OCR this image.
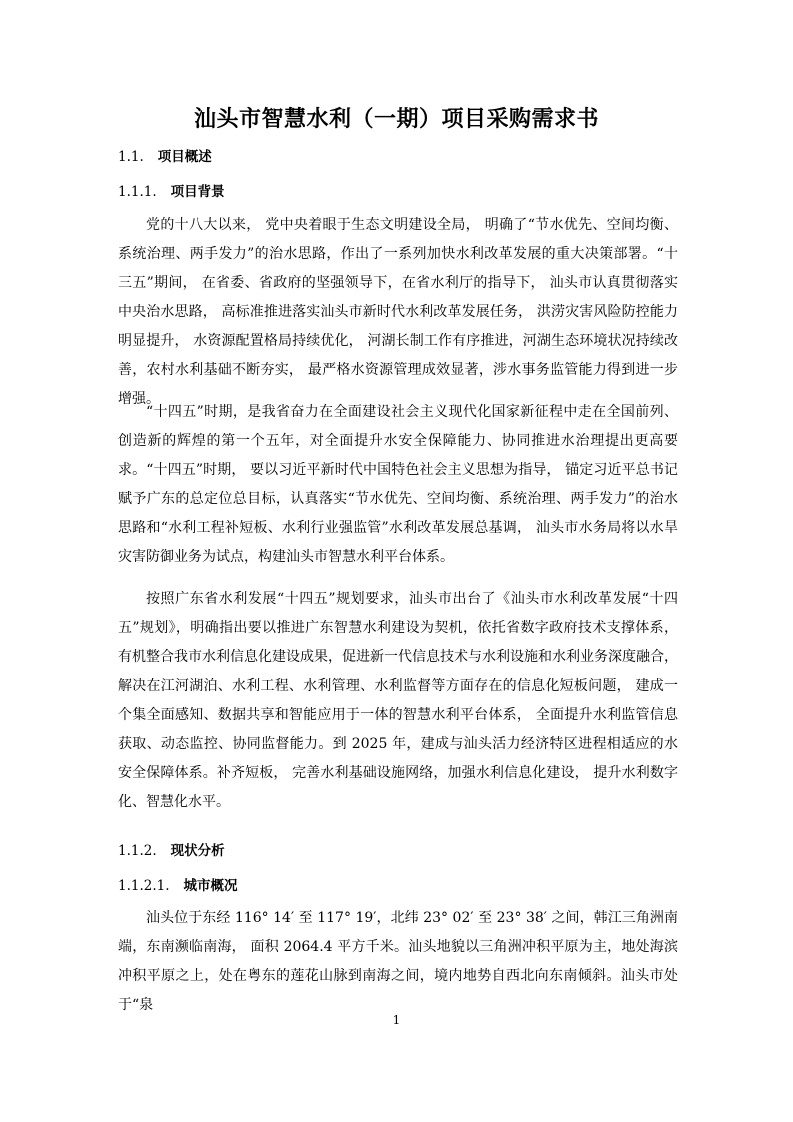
汕头市智慧水利（一期）项目采购需求书
1.1. 项目概述
1.1.1. 项目背景

党的十八大以来， 党中央着眼于生态文明建设全局， 明确了“节水优先、空间均衡、系统治理、两手发力”的治水思路，作出了一系列加快水利改革发展的重大决策部署。“十三五”期间， 在省委、省政府的坚强领导下，在省水利厅的指导下， 汕头市认真贯彻落实中央治水思路， 高标准推进落实汕头市新时代水利改革发展任务， 洪涝灾害风险防控能力明显提升， 水资源配置格局持续优化， 河湖长制工作有序推进，河湖生态环境状况持续改善，农村水利基础不断夯实， 最严格水资源管理成效显著，涉水事务监管能力得到进一步增强。

“十四五”时期，是我省奋力在全面建设社会主义现代化国家新征程中走在全国前列、创造新的辉煌的第一个五年，对全面提升水安全保障能力、协同推进水治理提出更高要求。“十四五”时期， 要以习近平新时代中国特色社会主义思想为指导， 锚定习近平总书记赋予广东的总定位总目标，认真落实“节水优先、空间均衡、系统治理、两手发力”的治水思路和“水利工程补短板、水利行业强监管”水利改革发展总基调， 汕头市水务局将以水旱灾害防御业务为试点，构建汕头市智慧水利平台体系。

按照广东省水利发展“十四五”规划要求，汕头市出台了《汕头市水利改革发展“十四五”规划》，明确指出要以推进广东智慧水利建设为契机，依托省数字政府技术支撑体系，有机整合我市水利信息化建设成果，促进新一代信息技术与水利设施和水利业务深度融合，解决在江河湖泊、水利工程、水利管理、水利监督等方面存在的信息化短板问题， 建成一个集全面感知、数据共享和智能应用于一体的智慧水利平台体系， 全面提升水利监管信息获取、动态监控、协同监督能力。到 2025 年，建成与汕头活力经济特区进程相适应的水安全保障体系。补齐短板， 完善水利基础设施网络，加强水利信息化建设， 提升水利数字化、智慧化水平。

1.1.2. 现状分析
1.1.2.1. 城市概况

汕头位于东经 116° 14′ 至 117° 19′，北纬 23° 02′ 至 23° 38′ 之间，韩江三角洲南端，东南濒临南海， 面积 2064.4 平方千米。汕头地貌以三角洲冲积平原为主，地处海滨冲积平原之上，处在粤东的莲花山脉到南海之间，境内地势自西北向东南倾斜。汕头市处于“泉

1
